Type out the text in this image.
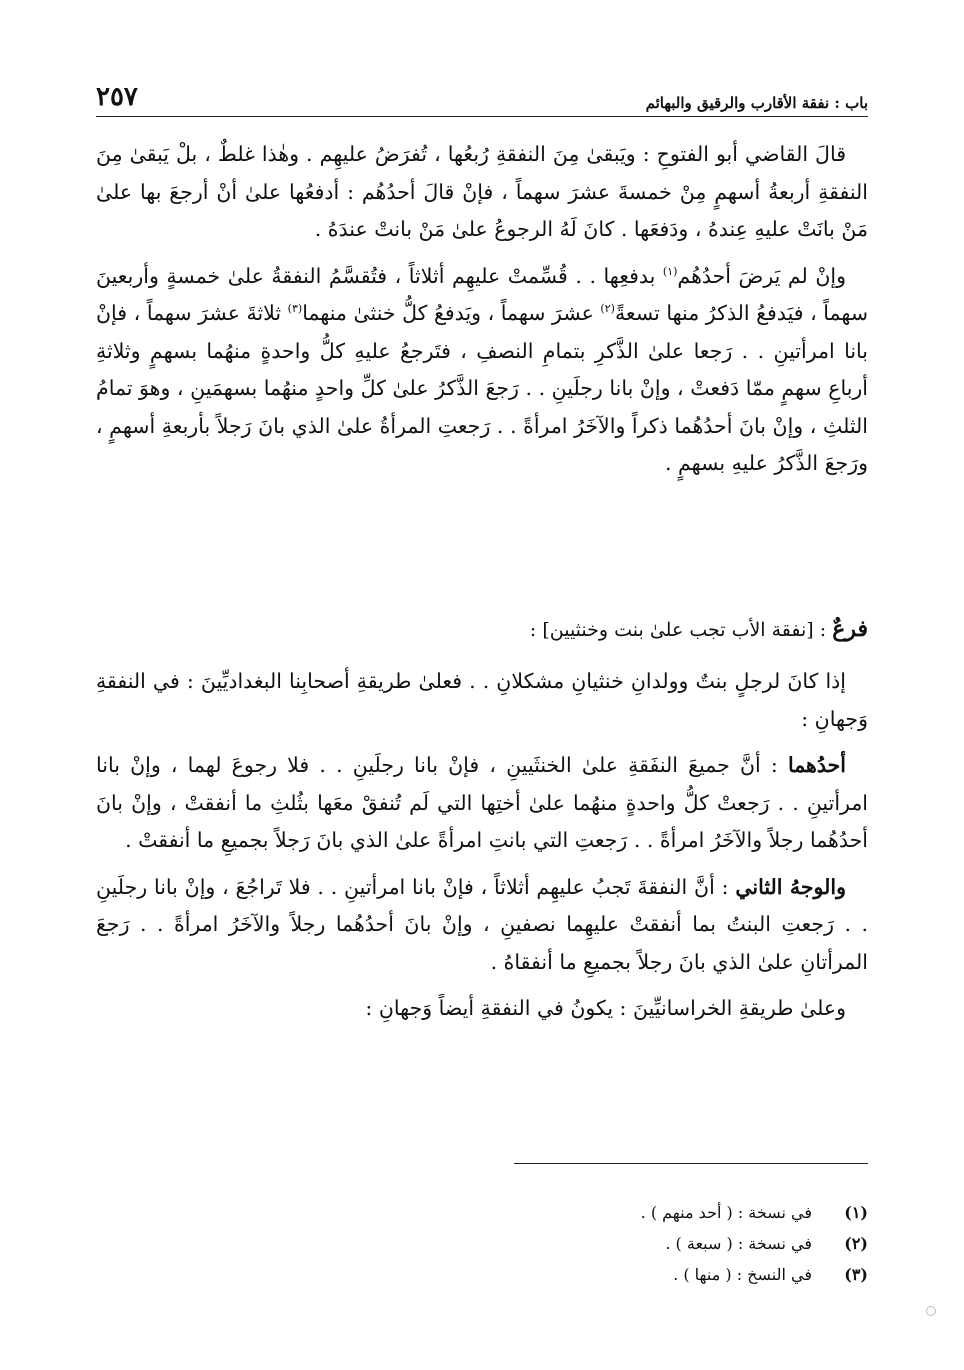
باب : نفقة الأقارب والرقيق والبهائم
٢٥٧

قالَ القاضي أبو الفتوحِ : ويَبقىٰ مِنَ النفقةِ رُبعُها ، تُفرَضُ عليهِم . وهٰذا غلطٌ ، بلْ يَبقىٰ مِنَ النفقةِ أربعةُ أسهمٍ مِنْ خمسةَ عشرَ سهماً ، فإنْ قالَ أحدُهُم : أدفعُها علىٰ أنْ أرجعَ بها علىٰ مَنْ بانَتْ عليهِ عِندهُ ، ودَفعَها . كانَ لَهُ الرجوعُ علىٰ مَنْ بانتْ عندَهُ .

وإنْ لم يَرضَ أحدُهُم$^{(١)}$ بدفعِها . . قُسِّمتْ عليهِم أثلاثاً ، فتُقسَّمُ النفقةُ علىٰ خمسةٍ وأربعينَ سهماً ، فيَدفعُ الذكرُ منها تسعةً$^{(٢)}$ عشرَ سهماً ، ويَدفعُ كلُّ خنثىٰ منهما$^{(٣)}$ ثلاثةَ عشرَ سهماً ، فإنْ بانا امرأتينِ . . رَجعا علىٰ الذَّكرِ بتمامِ النصفِ ، فتَرجعُ عليهِ كلُّ واحدةٍ منهُما بسهمٍ وثلاثةِ أرباعِ سهمٍ ممّا دَفعتْ ، وإنْ بانا رجلَينِ . . رَجعَ الذَّكرُ علىٰ كلِّ واحدٍ منهُما بسهمَينِ ، وهوَ تمامُ الثلثِ ، وإنْ بانَ أحدُهُما ذكراً والآخَرُ امرأةً . . رَجعتِ المرأةُ علىٰ الذي بانَ رَجلاً بأربعةِ أسهمٍ ، ورَجعَ الذَّكرُ عليهِ بسهمٍ .

فرعٌ : [نفقة الأب تجب علىٰ بنت وخنثيين] :

إذا كانَ لرجلٍ بنتٌ وولدانِ خنثيانِ مشكلانِ . . فعلىٰ طريقةِ أصحابِنا البغداديِّينَ : في النفقةِ وَجهانِ :

أحدُهما : أنَّ جميعَ النفَقةِ علىٰ الخنثَيينِ ، فإنْ بانا رجلَينِ . . فلا رجوعَ لهما ، وإنْ بانا امرأتينِ . . رَجعتْ كلُّ واحدةٍ منهُما علىٰ أختِها التي لَم تُنفقْ معَها بثُلثِ ما أنفقتْ ، وإنْ بانَ أحدُهُما رجلاً والآخَرُ امرأةً . . رَجعتِ التي بانتِ امرأةً علىٰ الذي بانَ رَجلاً بجميعِ ما أنفقتْ .

والوجهُ الثاني : أنَّ النفقةَ تَجبُ عليهِم أثلاثاً ، فإنْ بانا امرأتينِ . . فلا تَراجُعَ ، وإنْ بانا رجلَينِ . . رَجعتِ البنتُ بما أنفقتْ عليهِما نصفينِ ، وإنْ بانَ أحدُهُما رجلاً والآخَرُ امرأةً . . رَجعَ المرأتانِ علىٰ الذي بانَ رجلاً بجميعِ ما أنفقاهُ .

وعلىٰ طريقةِ الخراسانيِّينَ : يكونُ في النفقةِ أيضاً وَجهانِ :

(١)
في نسخة : ( أحد منهم ) .
(٢)
في نسخة : ( سبعة ) .
(٣)
في النسخ : ( منها ) .
